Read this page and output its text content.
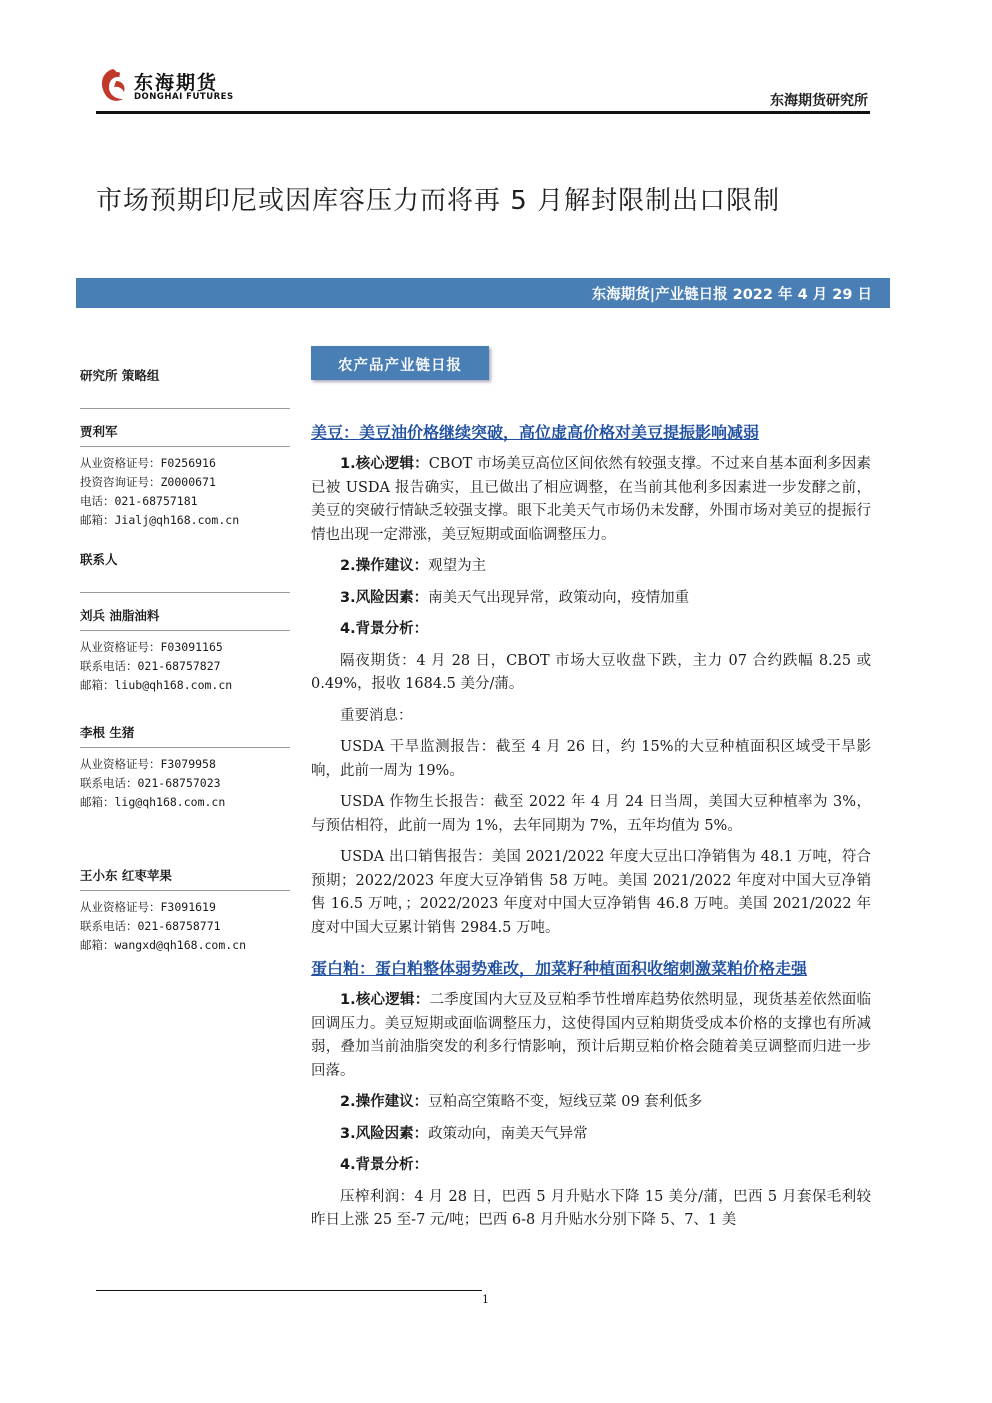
东海期货
DONGHAI FUTURES	东海期货研究所
市场预期印尼或因库容压力而将再 5 月解封限制出口限制
东海期货|产业链日报 2022 年 4 月 29 日
研究所 策略组
贾利军
从业资格证号：F0256916
投资咨询证号：Z0000671
电话：021-68757181
邮箱：Jialj@qh168.com.cn
联系人
刘兵 油脂油料
从业资格证号：F03091165
联系电话：021-68757827
邮箱：liub@qh168.com.cn
李根 生猪
从业资格证号：F3079958
联系电话：021-68757023
邮箱：lig@qh168.com.cn
王小东 红枣苹果
从业资格证号：F3091619
联系电话：021-68758771
邮箱：wangxd@qh168.com.cn
农产品产业链日报
美豆：美豆油价格继续突破，高位虚高价格对美豆提振影响减弱

1.核心逻辑：CBOT 市场美豆高位区间依然有较强支撑。不过来自基本面利多因素已被 USDA 报告确实，且已做出了相应调整，在当前其他利多因素进一步发酵之前，美豆的突破行情缺乏较强支撑。眼下北美天气市场仍未发酵，外围市场对美豆的提振行情也出现一定滞涨，美豆短期或面临调整压力。

2.操作建议：观望为主

3.风险因素：南美天气出现异常，政策动向，疫情加重

4.背景分析：

隔夜期货：4 月 28 日，CBOT 市场大豆收盘下跌，主力 07 合约跌幅 8.25 或 0.49%，报收 1684.5 美分/蒲。

重要消息：

USDA 干旱监测报告：截至 4 月 26 日，约 15%的大豆种植面积区域受干旱影响，此前一周为 19%。

USDA 作物生长报告：截至 2022 年 4 月 24 日当周，美国大豆种植率为 3%，与预估相符，此前一周为 1%，去年同期为 7%，五年均值为 5%。

USDA 出口销售报告：美国 2021/2022 年度大豆出口净销售为 48.1 万吨，符合预期；2022/2023 年度大豆净销售 58 万吨。美国 2021/2022 年度对中国大豆净销售 16.5 万吨，；2022/2023 年度对中国大豆净销售 46.8 万吨。美国 2021/2022 年度对中国大豆累计销售 2984.5 万吨。

蛋白粕：蛋白粕整体弱势难改，加菜籽种植面积收缩刺激菜粕价格走强

1.核心逻辑：二季度国内大豆及豆粕季节性增库趋势依然明显，现货基差依然面临回调压力。美豆短期或面临调整压力，这使得国内豆粕期货受成本价格的支撑也有所减弱，叠加当前油脂突发的利多行情影响，预计后期豆粕价格会随着美豆调整而归进一步回落。

2.操作建议：豆粕高空策略不变，短线豆菜 09 套利低多

3.风险因素：政策动向，南美天气异常

4.背景分析：

压榨利润：4 月 28 日，巴西 5 月升贴水下降 15 美分/蒲，巴西 5 月套保毛利较昨日上涨 25 至-7 元/吨；巴西 6-8 月升贴水分别下降 5、7、1 美

1
